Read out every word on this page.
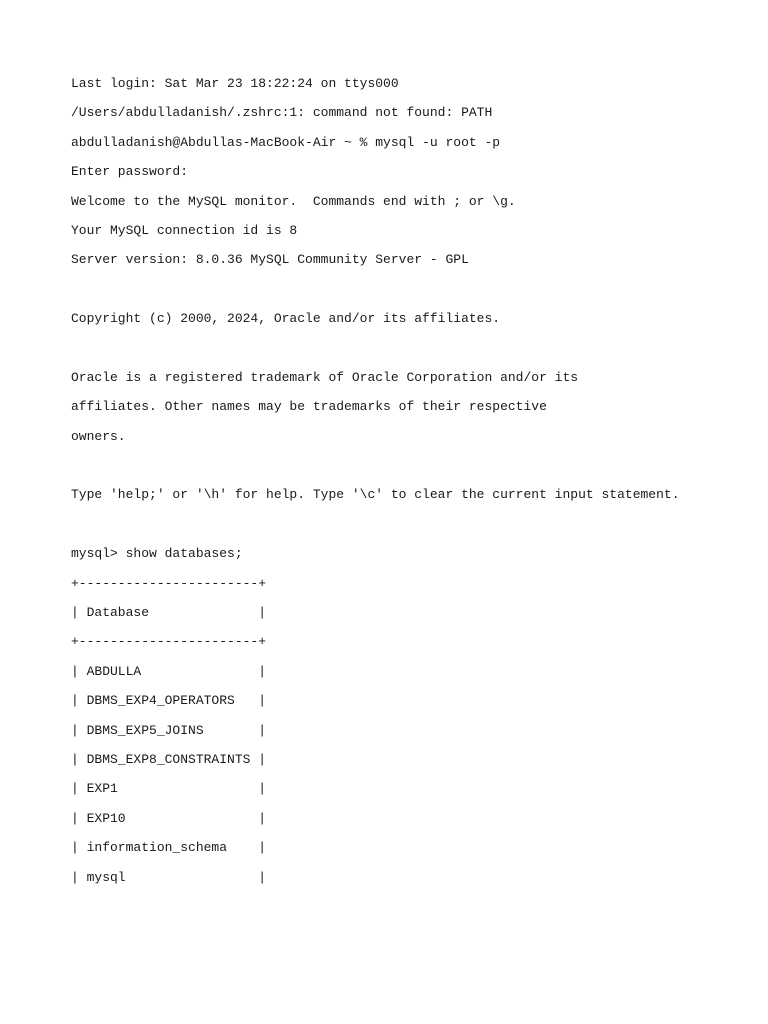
Last login: Sat Mar 23 18:22:24 on ttys000
/Users/abdulladanish/.zshrc:1: command not found: PATH
abdulladanish@Abdullas-MacBook-Air ~ % mysql -u root -p
Enter password:
Welcome to the MySQL monitor.  Commands end with ; or \g.
Your MySQL connection id is 8
Server version: 8.0.36 MySQL Community Server - GPL
Copyright (c) 2000, 2024, Oracle and/or its affiliates.
Oracle is a registered trademark of Oracle Corporation and/or its
affiliates. Other names may be trademarks of their respective
owners.
Type 'help;' or '\h' for help. Type '\c' to clear the current input statement.
mysql> show databases;
+-----------------------+
| Database              |
+-----------------------+
| ABDULLA               |
| DBMS_EXP4_OPERATORS   |
| DBMS_EXP5_JOINS       |
| DBMS_EXP8_CONSTRAINTS |
| EXP1                  |
| EXP10                 |
| information_schema    |
| mysql                 |
